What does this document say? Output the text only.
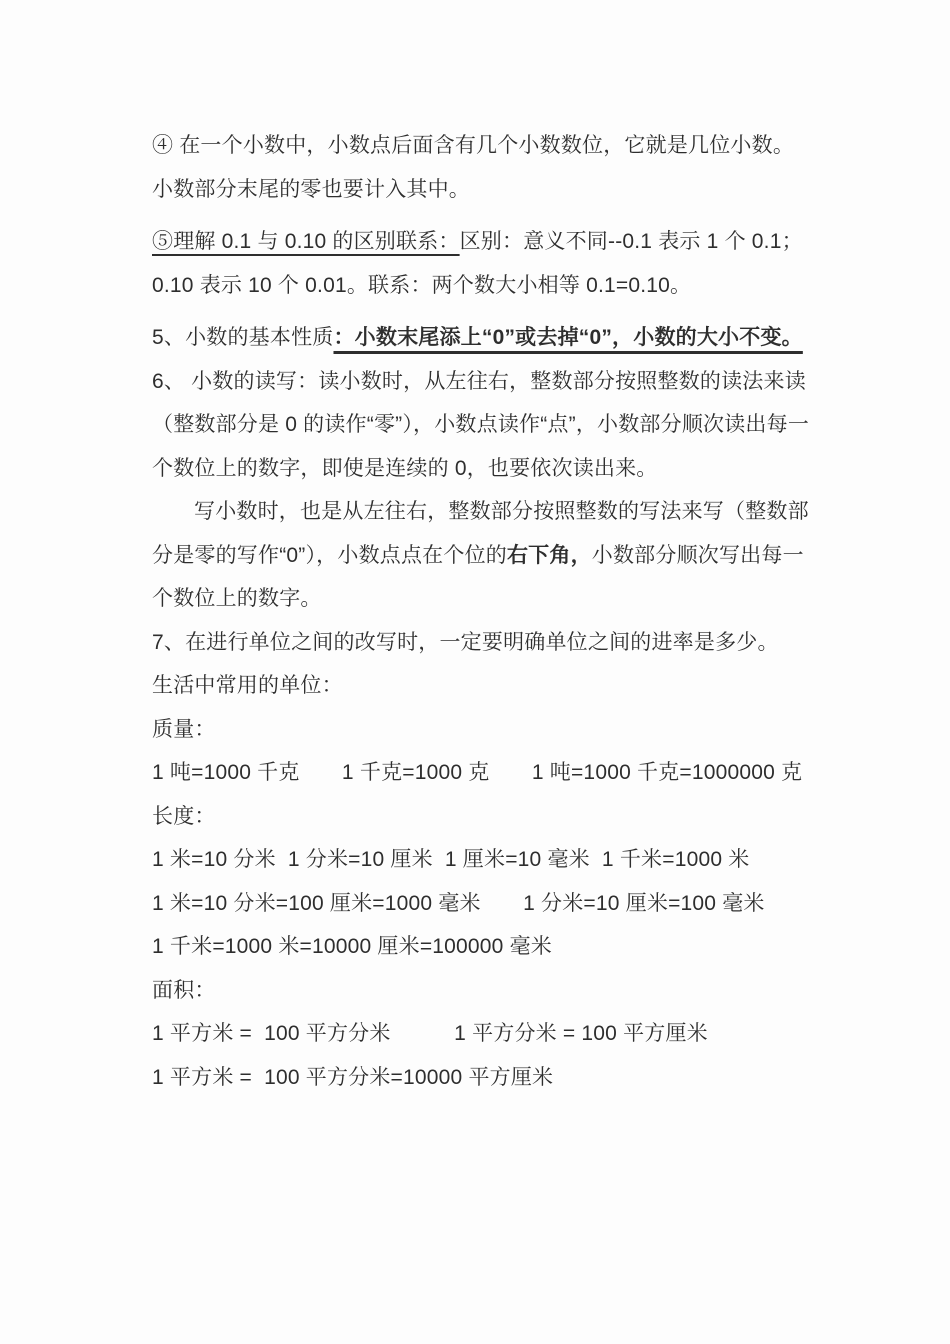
④ 在一个小数中，小数点后面含有几个小数数位，它就是几位小数。小数部分末尾的零也要计入其中。

⑤理解 0.1 与 0.10 的区别联系：区别：意义不同--0.1 表示 1 个 0.1；0.10 表示 10 个 0.01。联系：两个数大小相等 0.1=0.10。

5、小数的基本性质：小数末尾添上“0”或去掉“0”，小数的大小不变。

6、 小数的读写：读小数时，从左往右，整数部分按照整数的读法来读（整数部分是 0 的读作“零”），小数点读作“点”，小数部分顺次读出每一个数位上的数字，即使是连续的 0，也要依次读出来。

写小数时，也是从左往右，整数部分按照整数的写法来写（整数部分是零的写作“0”），小数点点在个位的右下角，小数部分顺次写出每一个数位上的数字。

7、在进行单位之间的改写时，一定要明确单位之间的进率是多少。

生活中常用的单位：

质量：

1 吨=1000 千克　　1 千克=1000 克　　1 吨=1000 千克=1000000 克

长度：

1 米=10 分米  1 分米=10 厘米  1 厘米=10 毫米  1 千米=1000 米

1 米=10 分米=100 厘米=1000 毫米　　1 分米=10 厘米=100 毫米

1 千米=1000 米=10000 厘米=100000 毫米

面积：

1 平方米 =  100 平方分米　　　1 平方分米 = 100 平方厘米

1 平方米 =  100 平方分米=10000 平方厘米
